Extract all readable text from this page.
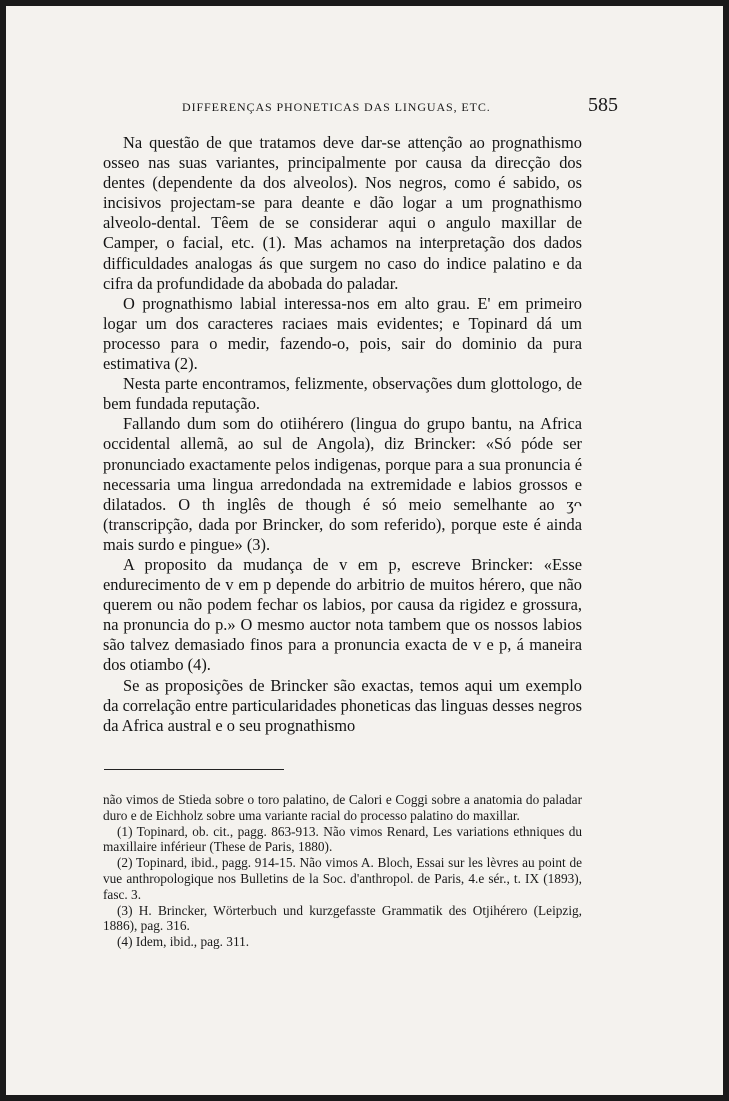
DIFFERENÇAS PHONETICAS DAS LINGUAS, ETC.	585

Na questão de que tratamos deve dar-se attenção ao prognathismo osseo nas suas variantes, principalmente por causa da direcção dos dentes (dependente da dos alveolos). Nos negros, como é sabido, os incisivos projectam-se para deante e dão logar a um prognathismo alveolo-dental. Têem de se considerar aqui o angulo maxillar de Camper, o facial, etc. (1). Mas achamos na interpretação dos dados difficuldades analogas ás que surgem no caso do indice palatino e da cifra da profundidade da abobada do paladar.

O prognathismo labial interessa-nos em alto grau. E' em primeiro logar um dos caracteres raciaes mais evidentes; e Topinard dá um processo para o medir, fazendo-o, pois, sair do dominio da pura estimativa (2).

Nesta parte encontramos, felizmente, observações dum glottologo, de bem fundada reputação.

Fallando dum som do otiihérero (lingua do grupo bantu, na Africa occidental allemã, ao sul de Angola), diz Brincker: «Só póde ser pronunciado exactamente pelos indigenas, porque para a sua pronuncia é necessaria uma lingua arredondada na extremidade e labios grossos e dilatados. O th inglês de though é só meio semelhante ao ʒᴖ (transcripção, dada por Brincker, do som referido), porque este é ainda mais surdo e pingue» (3).

A proposito da mudança de v em p, escreve Brincker: «Esse endurecimento de v em p depende do arbitrio de muitos hérero, que não querem ou não podem fechar os labios, por causa da rigidez e grossura, na pronuncia do p.» O mesmo auctor nota tambem que os nossos labios são talvez demasiado finos para a pronuncia exacta de v e p, á maneira dos otiambo (4).

Se as proposições de Brincker são exactas, temos aqui um exemplo da correlação entre particularidades phoneticas das linguas desses negros da Africa austral e o seu prognathismo

não vimos de Stieda sobre o toro palatino, de Calori e Coggi sobre a anatomia do paladar duro e de Eichholz sobre uma variante racial do processo palatino do maxillar.

(1) Topinard, ob. cit., pagg. 863-913. Não vimos Renard, Les variations ethniques du maxillaire inférieur (These de Paris, 1880).

(2) Topinard, ibid., pagg. 914-15. Não vimos A. Bloch, Essai sur les lèvres au point de vue anthropologique nos Bulletins de la Soc. d'anthropol. de Paris, 4.e sér., t. IX (1893), fasc. 3.

(3) H. Brincker, Wörterbuch und kurzgefasste Grammatik des Otjihérero (Leipzig, 1886), pag. 316.

(4) Idem, ibid., pag. 311.
